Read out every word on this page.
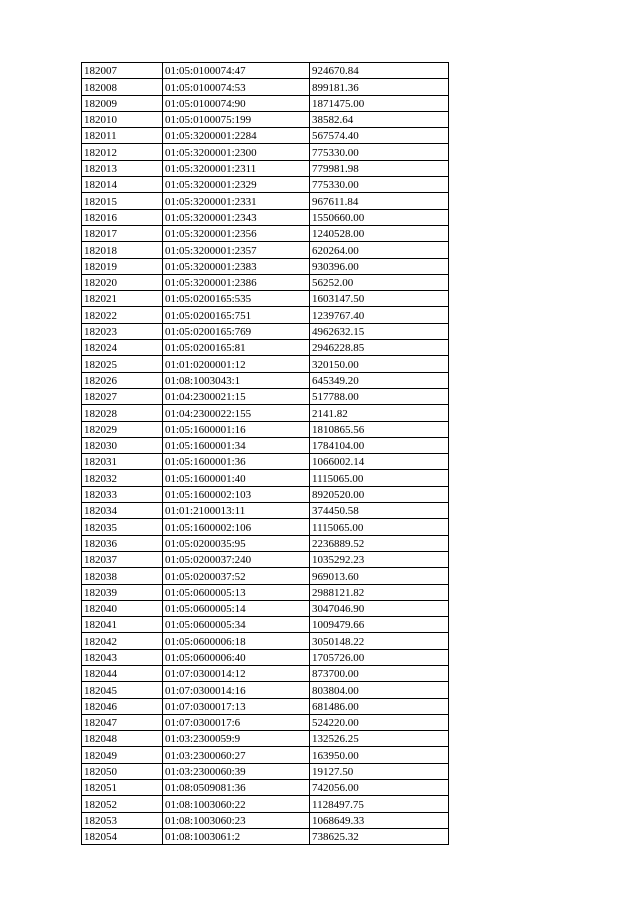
182007	01:05:0100074:47	924670.84
182008	01:05:0100074:53	899181.36
182009	01:05:0100074:90	1871475.00
182010	01:05:0100075:199	38582.64
182011	01:05:3200001:2284	567574.40
182012	01:05:3200001:2300	775330.00
182013	01:05:3200001:2311	779981.98
182014	01:05:3200001:2329	775330.00
182015	01:05:3200001:2331	967611.84
182016	01:05:3200001:2343	1550660.00
182017	01:05:3200001:2356	1240528.00
182018	01:05:3200001:2357	620264.00
182019	01:05:3200001:2383	930396.00
182020	01:05:3200001:2386	56252.00
182021	01:05:0200165:535	1603147.50
182022	01:05:0200165:751	1239767.40
182023	01:05:0200165:769	4962632.15
182024	01:05:0200165:81	2946228.85
182025	01:01:0200001:12	320150.00
182026	01:08:1003043:1	645349.20
182027	01:04:2300021:15	517788.00
182028	01:04:2300022:155	2141.82
182029	01:05:1600001:16	1810865.56
182030	01:05:1600001:34	1784104.00
182031	01:05:1600001:36	1066002.14
182032	01:05:1600001:40	1115065.00
182033	01:05:1600002:103	8920520.00
182034	01:01:2100013:11	374450.58
182035	01:05:1600002:106	1115065.00
182036	01:05:0200035:95	2236889.52
182037	01:05:0200037:240	1035292.23
182038	01:05:0200037:52	969013.60
182039	01:05:0600005:13	2988121.82
182040	01:05:0600005:14	3047046.90
182041	01:05:0600005:34	1009479.66
182042	01:05:0600006:18	3050148.22
182043	01:05:0600006:40	1705726.00
182044	01:07:0300014:12	873700.00
182045	01:07:0300014:16	803804.00
182046	01:07:0300017:13	681486.00
182047	01:07:0300017:6	524220.00
182048	01:03:2300059:9	132526.25
182049	01:03:2300060:27	163950.00
182050	01:03:2300060:39	19127.50
182051	01:08:0509081:36	742056.00
182052	01:08:1003060:22	1128497.75
182053	01:08:1003060:23	1068649.33
182054	01:08:1003061:2	738625.32
